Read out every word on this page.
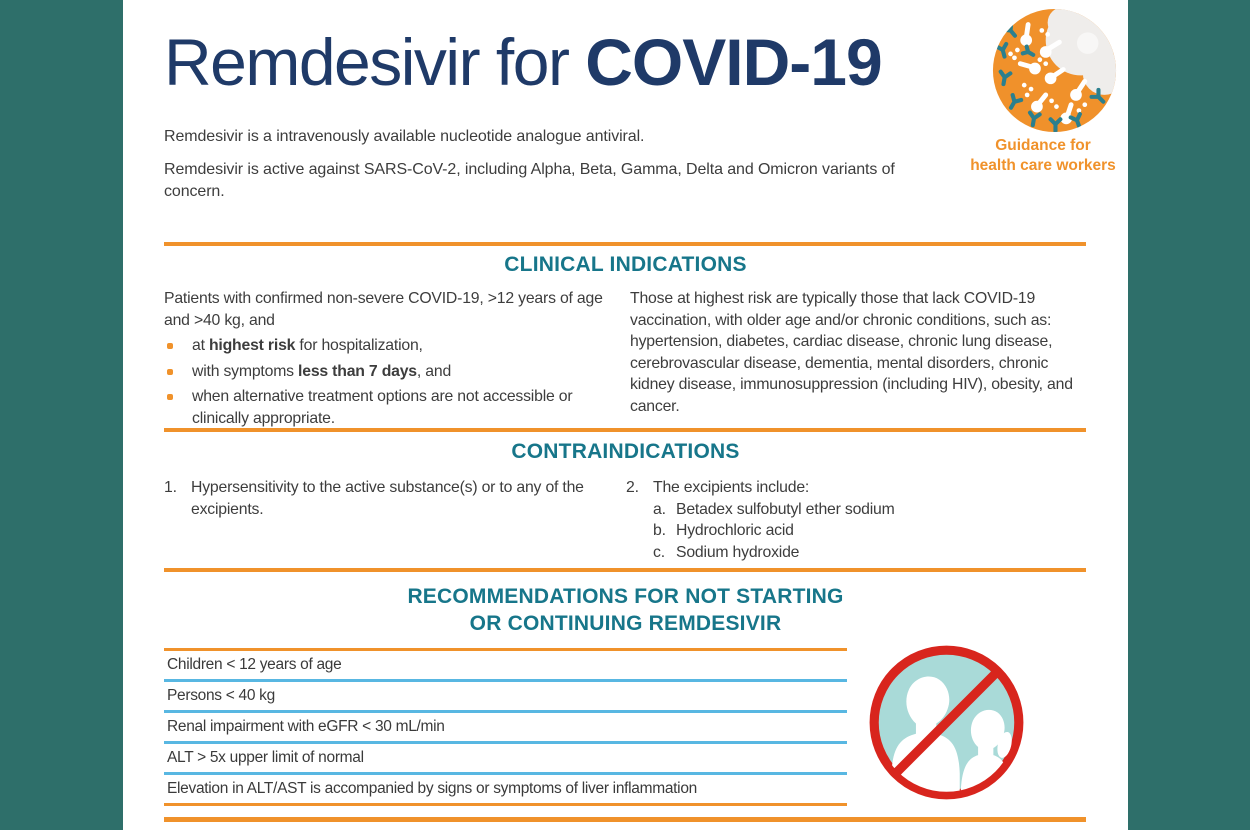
Remdesivir for COVID-19
Guidance for
health care workers

Remdesivir is a intravenously available nucleotide analogue antiviral.

Remdesivir is active against SARS-CoV-2, including Alpha, Beta, Gamma, Delta and Omicron variants of concern.

CLINICAL INDICATIONS

Patients with confirmed non-severe COVID-19, >12 years of age and >40 kg, and

at highest risk for hospitalization,
with symptoms less than 7 days, and
when alternative treatment options are not accessible or clinically appropriate.

Those at highest risk are typically those that lack COVID-19 vaccination, with older age and/or chronic conditions, such as: hypertension, diabetes, cardiac disease, chronic lung disease, cerebrovascular disease, dementia, mental disorders, chronic kidney disease, immunosuppression (including HIV), obesity, and cancer.

CONTRAINDICATIONS
1. Hypersensitivity to the active substance(s) or to any of the excipients.
2. The excipients include:
a. Betadex sulfobutyl ether sodium
b. Hydrochloric acid
c. Sodium hydroxide
RECOMMENDATIONS FOR NOT STARTING
OR CONTINUING REMDESIVIR
Children < 12 years of age
Persons < 40 kg
Renal impairment with eGFR < 30 mL/min
ALT > 5x upper limit of normal
Elevation in ALT/AST is accompanied by signs or symptoms of liver inflammation
